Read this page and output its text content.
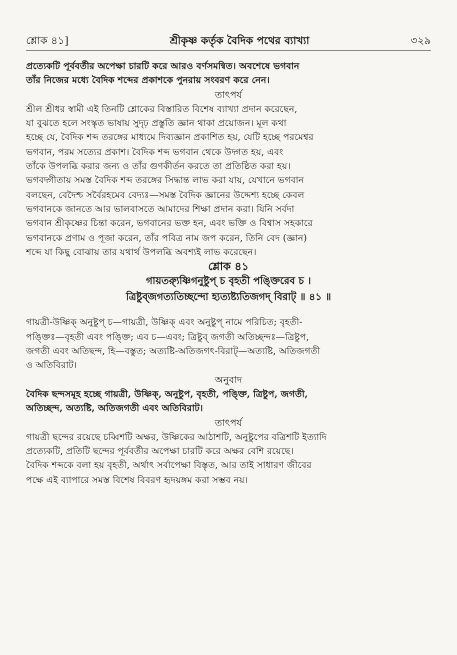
শ্লোক ৪১]	শ্রীকৃষ্ণ কর্তৃক বৈদিক পথের ব্যাখ্যা	৩২৯

প্রত্যেকটি পূর্ববর্তীর অপেক্ষা চারটি করে আরও বর্ণসমন্বিত। অবশেষে ভগবান

তাঁর নিজের মধ্যে বৈদিক শব্দের প্রকাশকে পুনরায় সংবরণ করে নেন।

তাৎপর্য

শ্রীল শ্রীধর স্বামী এই তিনটি শ্লোকের বিস্তারিত বিশেষ ব্যাখ্যা প্রদান করেছেন,

যা বুঝতে হলে সংস্কৃত ভাষায় সুদৃঢ় প্রস্তুতি জ্ঞান থাকা প্রয়োজন। মূল কথা

হচ্ছে যে, বৈদিক শব্দ তরঙ্গের মাধ্যমে দিব্যজ্ঞান প্রকাশিত হয়, যেটি হচ্ছে পরমেশ্বর

ভগবান, পরম সত্যের প্রকাশ। বৈদিক শব্দ ভগবান থেকে উদ্গত হয়, এবং

তাঁকে উপলব্ধি করার জন্য ও তাঁর গুণকীর্তন করতে তা প্রতিষ্ঠিত করা হয়।

ভগবদ্গীতায় সমস্ত বৈদিক শব্দ তরঙ্গের সিদ্ধান্ত লাভ করা যায়, যেখানে ভগবান

বলছেন, বেদৈশ্চ সর্বৈরহমেব বেদ্যঃ—সমস্ত বৈদিক জ্ঞানের উদ্দেশ্য হচ্ছে কেবল

ভগবানকে জানতে আর ভালবাসতে আমাদের শিক্ষা প্রদান করা। যিনি সর্বদা

ভগবান শ্রীকৃষ্ণের চিন্তা করেন, ভগবানের ভক্ত হন, এবং ভক্তি ও বিশ্বাস সহকারে

ভগবানকে প্রণাম ও পূজা করেন, তাঁর পবিত্র নাম জপ করেন, তিনি বেদ (জ্ঞান)

শব্দে যা কিছু বোঝায় তার যথার্থ উপলব্ধি অবশ্যই লাভ করেছেন।

শ্লোক ৪১

গায়ত্র্যুষ্ণিগনুষ্টুপ্ চ বৃহতী পঙ্ক্তিরেব চ ।

ত্রিষ্টুব্‌জগত্যতিচ্ছন্দো হ্যত্যষ্ট্যতিজগদ্ বিরাট্ ॥ ৪১ ॥

গায়ত্রী-উষ্ণিক্‌ অনুষ্টুপ্ চ—গায়ত্রী, উষ্ণিক্‌ এবং অনুষ্টুপ্ নামে পরিচিত; বৃহতী-

পঙ্ক্তিঃ—বৃহতী এবং পঙ্ক্তি; এব চ—এবং; ত্রিষ্টুব্ জগতী অতিচ্ছন্দঃ—ত্রিষ্টুপ,

জগতী এবং অতিছন্দ, হি—বস্তুত; অত্যষ্টি-অতিজগৎ-বিরাট্—অত্যষ্টি, অতিজগতী

ও অতিবিরাট।

অনুবাদ

বৈদিক ছন্দসমূহ হচ্ছে গায়ত্রী, উষ্ণিক্‌, অনুষ্টুপ, বৃহতী, পঙ্ক্তি, ত্রিষ্টুপ, জগতী,

অতিচ্ছন্দ, অত্যষ্টি, অতিজগতী এবং অতিবিরাট।

তাৎপর্য

গায়ত্রী ছন্দের রয়েছে চব্বিশটি অক্ষর, উষ্ণিকের আঠাশটি, অনুষ্টুপের বত্রিশটি ইত্যাদি

প্রত্যেকটি, প্রতিটি ছন্দের পূর্ববর্তীর অপেক্ষা চারটি করে অক্ষর বেশি রয়েছে।

বৈদিক শব্দকে বলা হয় বৃহতী, অর্থাৎ সর্বাপেক্ষা বিস্তৃত, আর তাই সাধারণ জীবের

পক্ষে এই ব্যাপারে সমস্ত বিশেষ বিবরণ হৃদয়ঙ্গম করা সম্ভব নয়।
